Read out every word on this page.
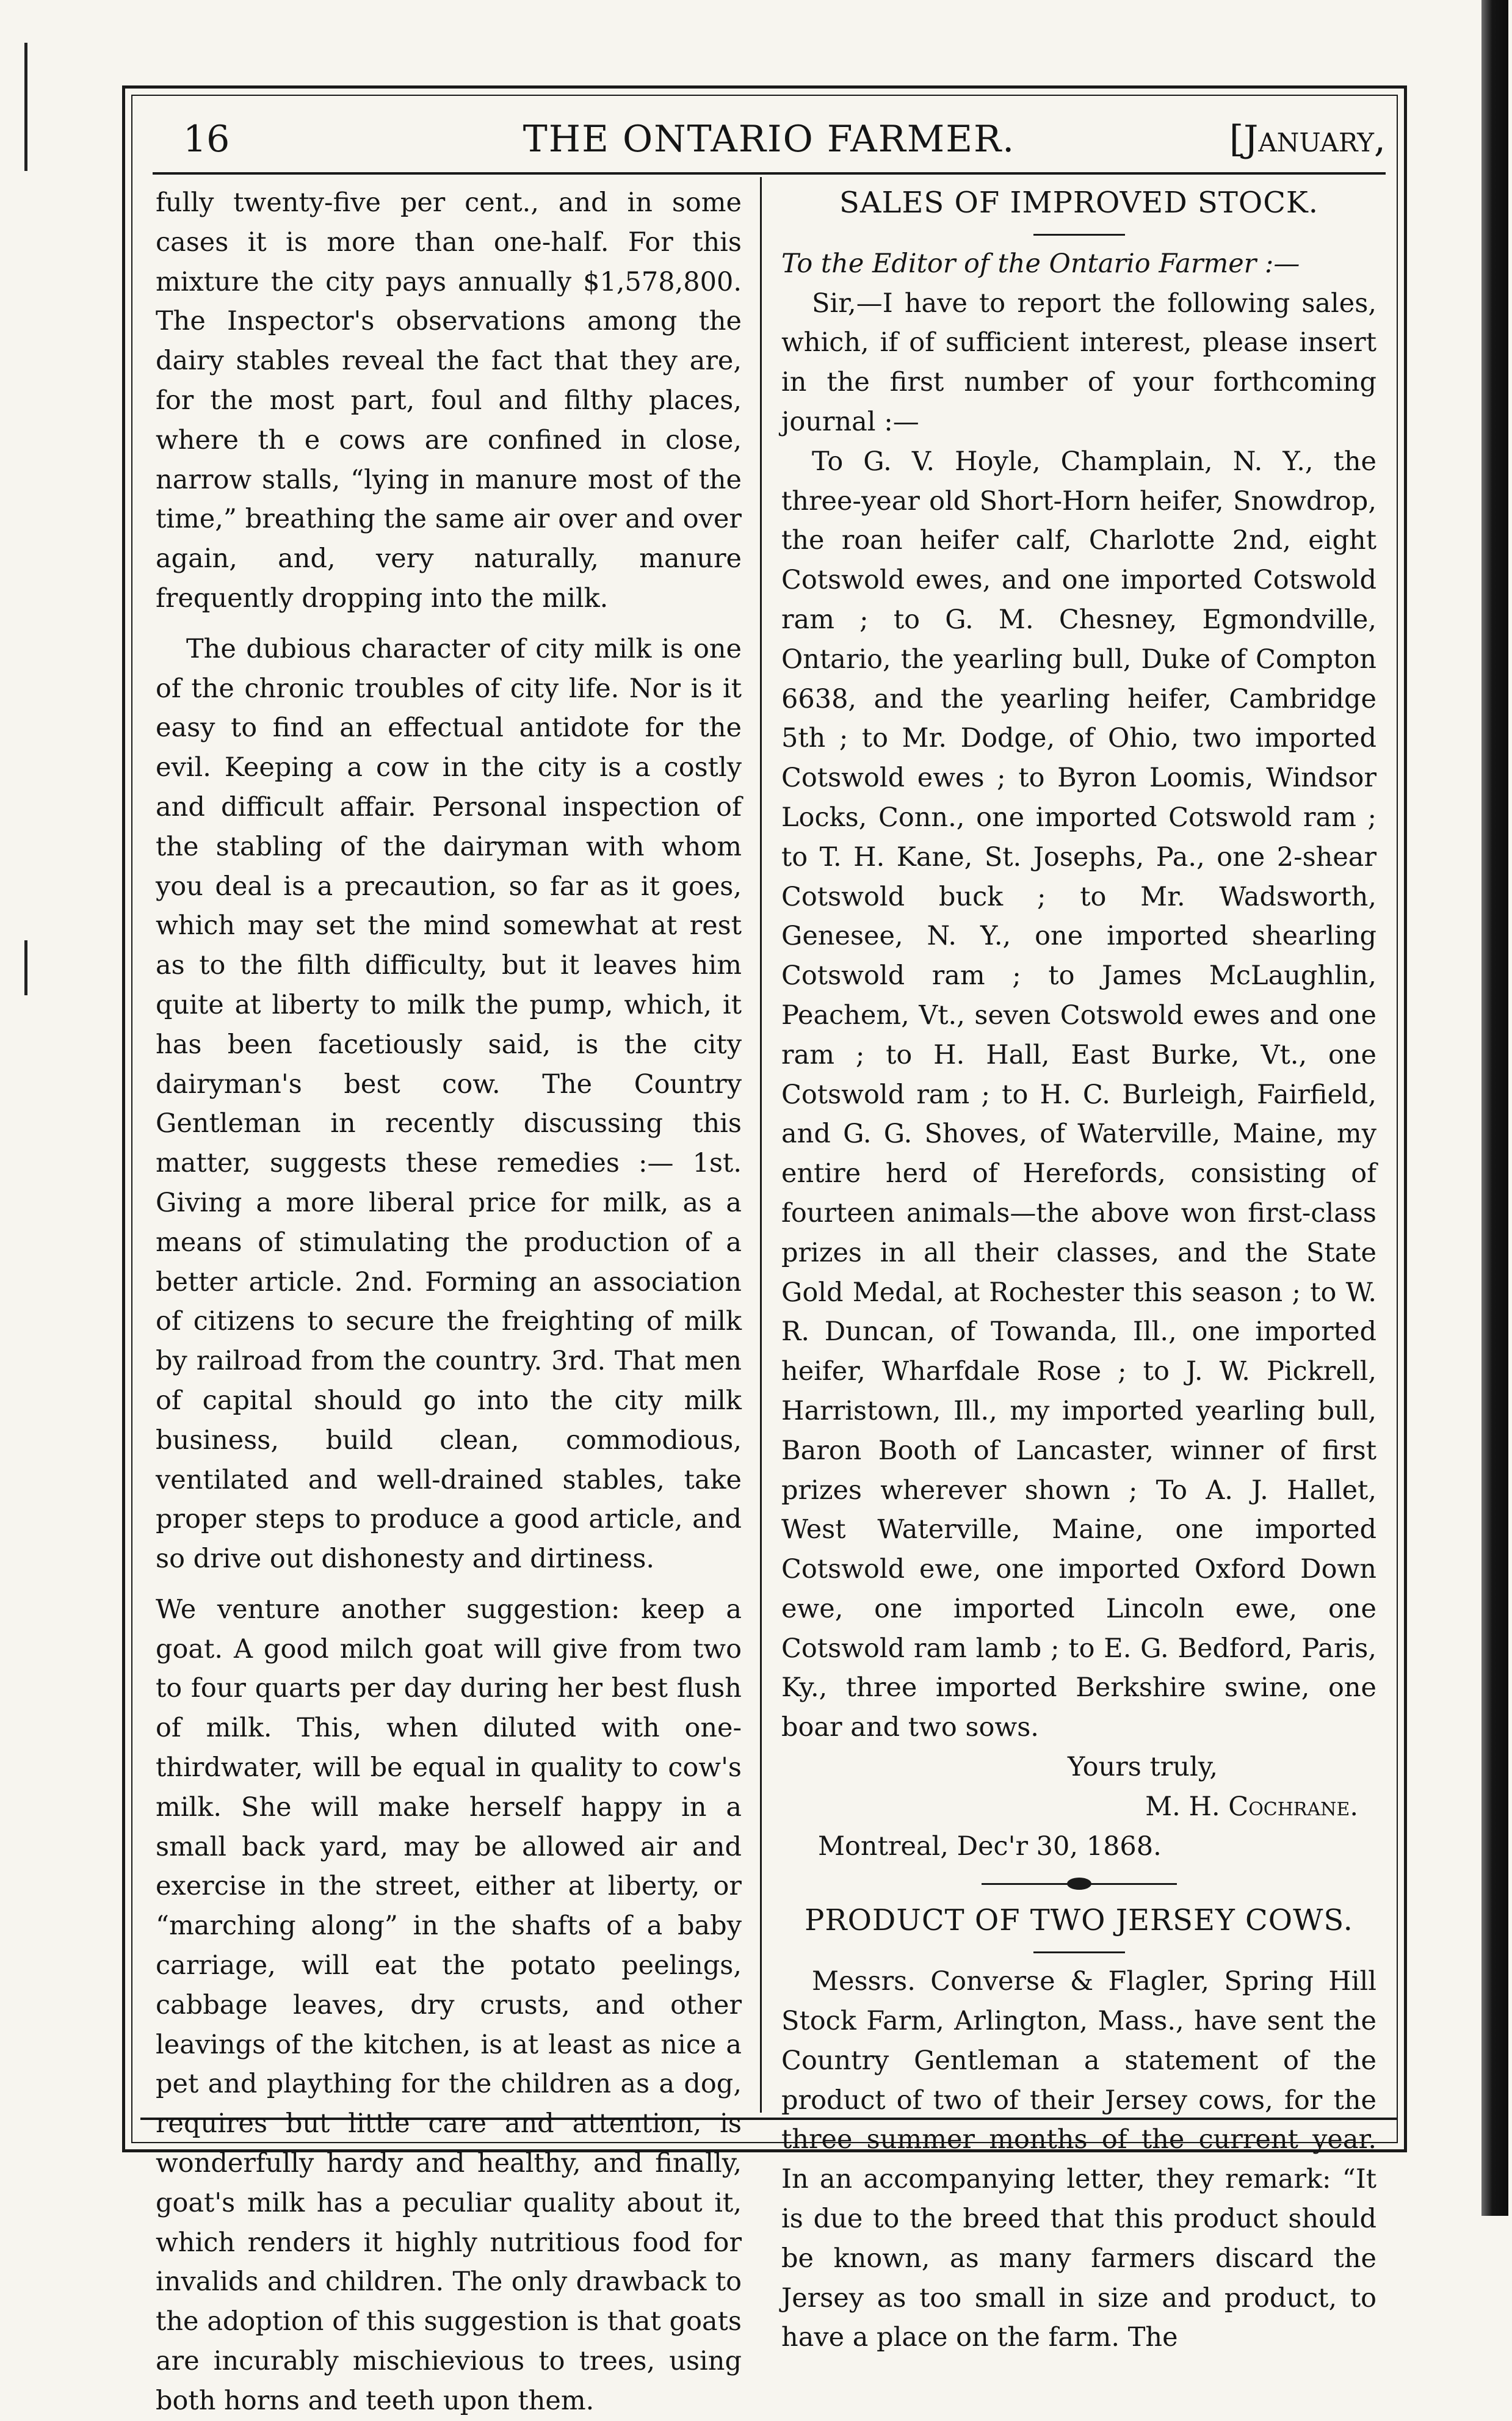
16	THE ONTARIO FARMER.	[January,

fully twenty-five per cent., and in some cases it is more than one-half. For this mixture the city pays annually $1,578,800. The Inspector's observations among the dairy stables reveal the fact that they are, for the most part, foul and filthy places, where th e cows are confined in close, narrow stalls, “lying in manure most of the time,” breathing the same air over and over again, and, very naturally, manure frequently dropping into the milk.

The dubious character of city milk is one of the chronic troubles of city life. Nor is it easy to find an effectual antidote for the evil. Keeping a cow in the city is a costly and difficult affair. Personal inspection of the stabling of the dairyman with whom you deal is a precaution, so far as it goes, which may set the mind somewhat at rest as to the filth difficulty, but it leaves him quite at liberty to milk the pump, which, it has been facetiously said, is the city dairyman's best cow. The Country Gentleman in recently discussing this matter, suggests these remedies :— 1st. Giving a more liberal price for milk, as a means of stimulating the production of a better article. 2nd. Forming an association of citizens to secure the freighting of milk by railroad from the country. 3rd. That men of capital should go into the city milk business, build clean, commodious, ventilated and well-drained stables, take proper steps to produce a good article, and so drive out dishonesty and dirtiness.

We venture another suggestion: keep a goat. A good milch goat will give from two to four quarts per day during her best flush of milk. This, when diluted with one-thirdwater, will be equal in quality to cow's milk. She will make herself happy in a small back yard, may be allowed air and exercise in the street, either at liberty, or “marching along” in the shafts of a baby carriage, will eat the potato peelings, cabbage leaves, dry crusts, and other leavings of the kitchen, is at least as nice a pet and plaything for the children as a dog, requires but little care and attention, is wonderfully hardy and healthy, and finally, goat's milk has a peculiar quality about it, which renders it highly nutritious food for invalids and children. The only drawback to the adoption of this suggestion is that goats are incurably mischievious to trees, using both horns and teeth upon them.

SALES OF IMPROVED STOCK.

To the Editor of the Ontario Farmer :—

Sir,—I have to report the following sales, which, if of sufficient interest, please insert in the first number of your forthcoming journal :—

To G. V. Hoyle, Champlain, N. Y., the three-year old Short-Horn heifer, Snowdrop, the roan heifer calf, Charlotte 2nd, eight Cotswold ewes, and one imported Cotswold ram ; to G. M. Chesney, Egmondville, Ontario, the yearling bull, Duke of Compton 6638, and the yearling heifer, Cambridge 5th ; to Mr. Dodge, of Ohio, two imported Cotswold ewes ; to Byron Loomis, Windsor Locks, Conn., one imported Cotswold ram ; to T. H. Kane, St. Josephs, Pa., one 2-shear Cotswold buck ; to Mr. Wadsworth, Genesee, N. Y., one imported shearling Cotswold ram ; to James McLaughlin, Peachem, Vt., seven Cotswold ewes and one ram ; to H. Hall, East Burke, Vt., one Cotswold ram ; to H. C. Burleigh, Fairfield, and G. G. Shoves, of Waterville, Maine, my entire herd of Herefords, consisting of fourteen animals—the above won first-class prizes in all their classes, and the State Gold Medal, at Rochester this season ; to W. R. Duncan, of Towanda, Ill., one imported heifer, Wharfdale Rose ; to J. W. Pickrell, Harristown, Ill., my imported yearling bull, Baron Booth of Lancaster, winner of first prizes wherever shown ; To A. J. Hallet, West Waterville, Maine, one imported Cotswold ewe, one imported Oxford Down ewe, one imported Lincoln ewe, one Cotswold ram lamb ; to E. G. Bedford, Paris, Ky., three imported Berkshire swine, one boar and two sows.

Yours truly,

M. H. Cochrane.

Montreal, Dec'r 30, 1868.

PRODUCT OF TWO JERSEY COWS.

Messrs. Converse & Flagler, Spring Hill Stock Farm, Arlington, Mass., have sent the Country Gentleman a statement of the product of two of their Jersey cows, for the three summer months of the current year. In an accompanying letter, they remark: “It is due to the breed that this product should be known, as many farmers discard the Jersey as too small in size and product, to have a place on the farm. The
